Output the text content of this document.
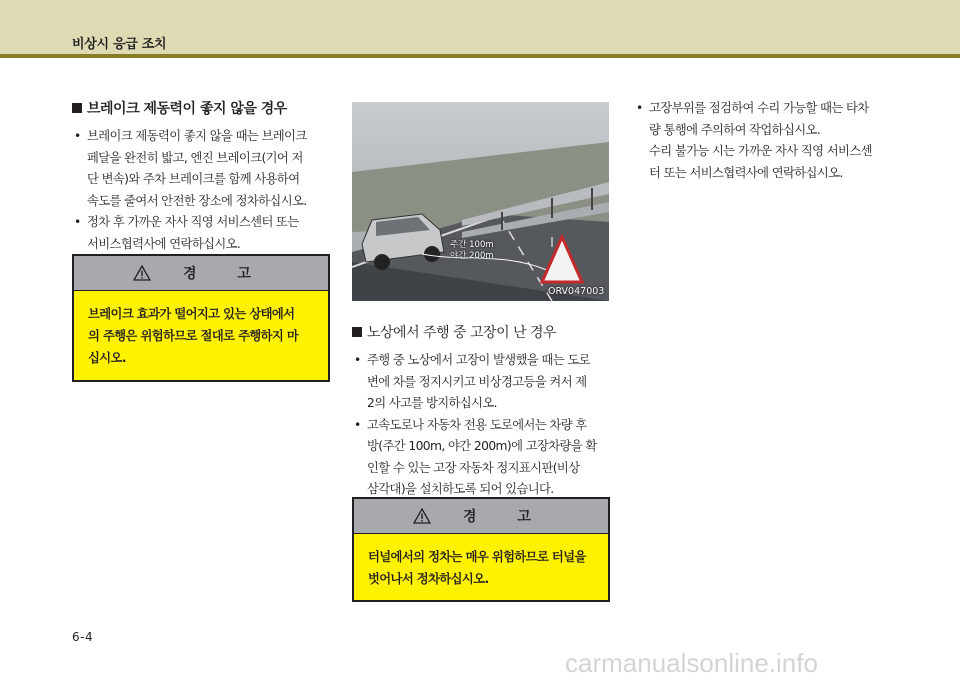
비상시 응급 조치
브레이크 제동력이 좋지 않을 경우
• 브레이크 제동력이 좋지 않을 때는 브레이크
페달을 완전히 밟고, 엔진 브레이크(기어 저
단 변속)와 주차 브레이크를 함께 사용하여
속도를 줄여서 안전한 장소에 정차하십시오.
• 정차 후 가까운 자사 직영 서비스센터 또는
서비스협력사에 연락하십시오.
경 고
브레이크 효과가 떨어지고 있는 상태에서
의 주행은 위험하므로 절대로 주행하지 마
십시오.
주간 100m
야간 200m
ORV047003
노상에서 주행 중 고장이 난 경우
• 주행 중 노상에서 고장이 발생했을 때는 도로
변에 차를 정지시키고 비상경고등을 켜서 제
2의 사고를 방지하십시오.
• 고속도로나 자동차 전용 도로에서는 차량 후
방(주간 100m, 야간 200m)에 고장차량을 확
인할 수 있는 고장 자동차 정지표시판(비상
삼각대)을 설치하도록 되어 있습니다.
경 고
터널에서의 정차는 매우 위험하므로 터널을
벗어나서 정차하십시오.
• 고장부위를 점검하여 수리 가능할 때는 타차
량 통행에 주의하여 작업하십시오.
수리 불가능 시는 가까운 자사 직영 서비스센
터 또는 서비스협력사에 연락하십시오.
6-4
carmanualsonline.info
